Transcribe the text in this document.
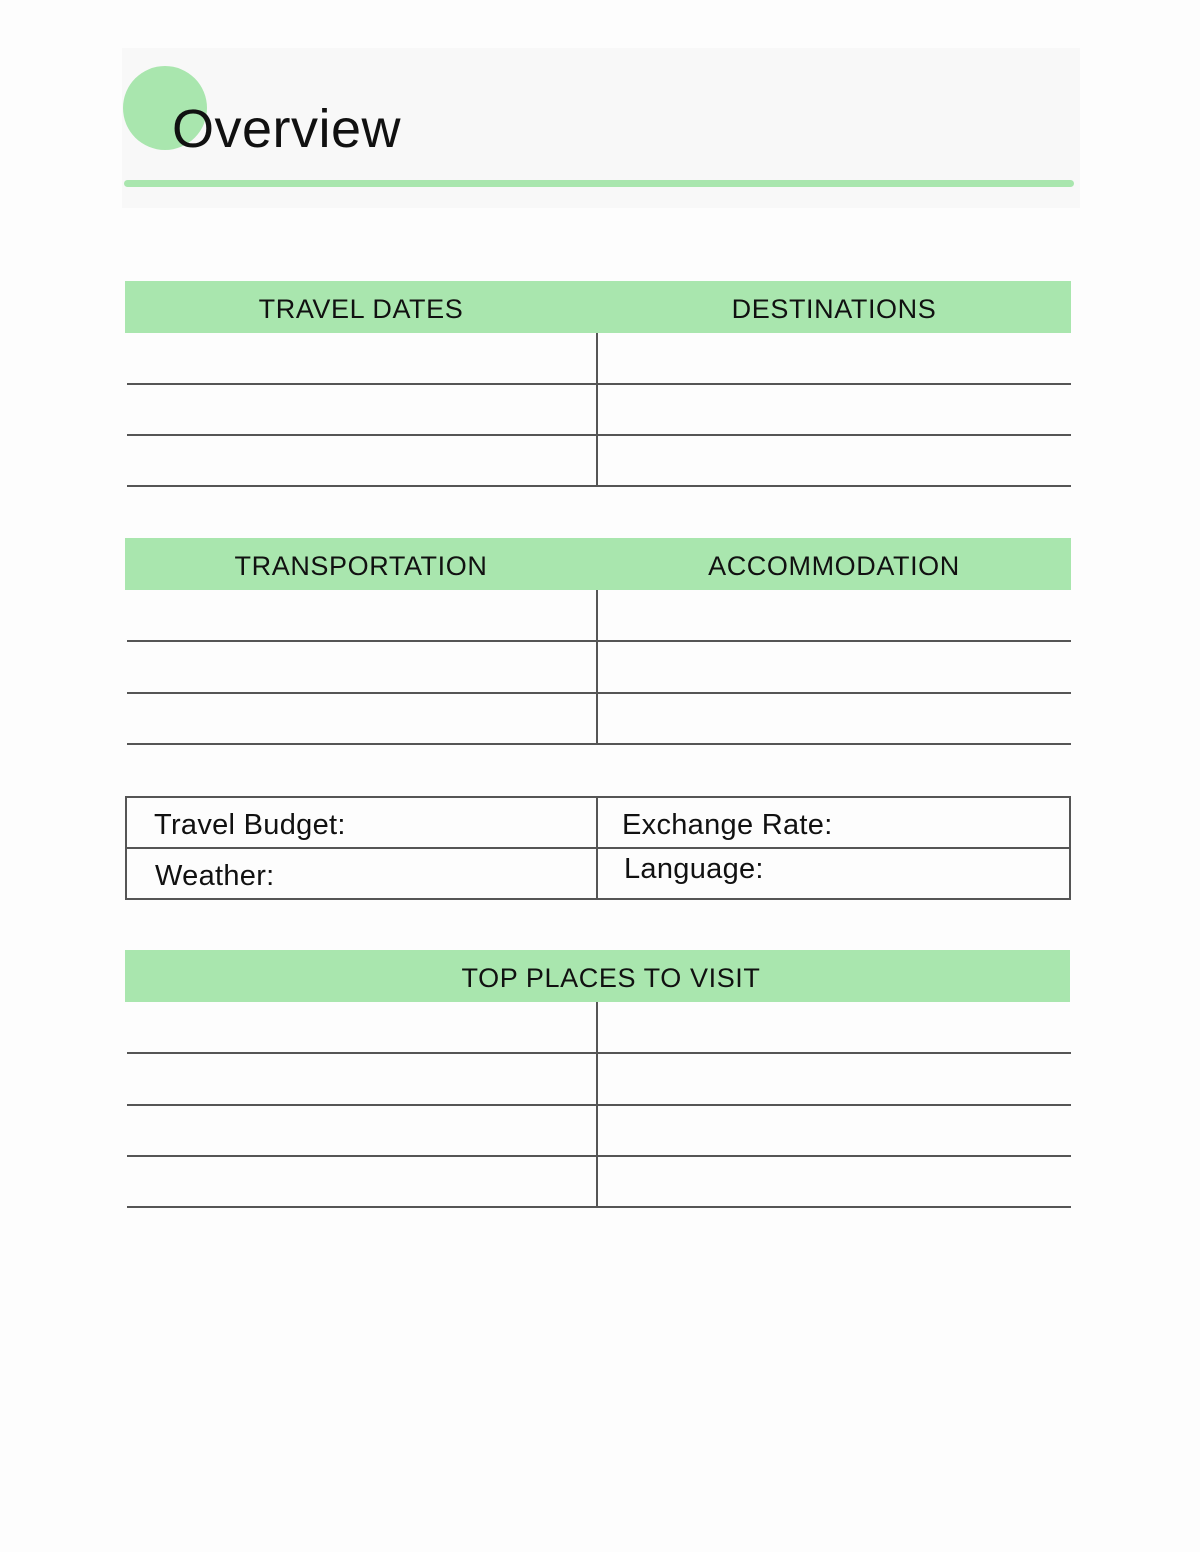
Overview
TRAVEL DATES	DESTINATIONS
TRANSPORTATION	ACCOMMODATION
Travel Budget:	Exchange Rate:
Weather:	Language:
TOP PLACES TO VISIT
